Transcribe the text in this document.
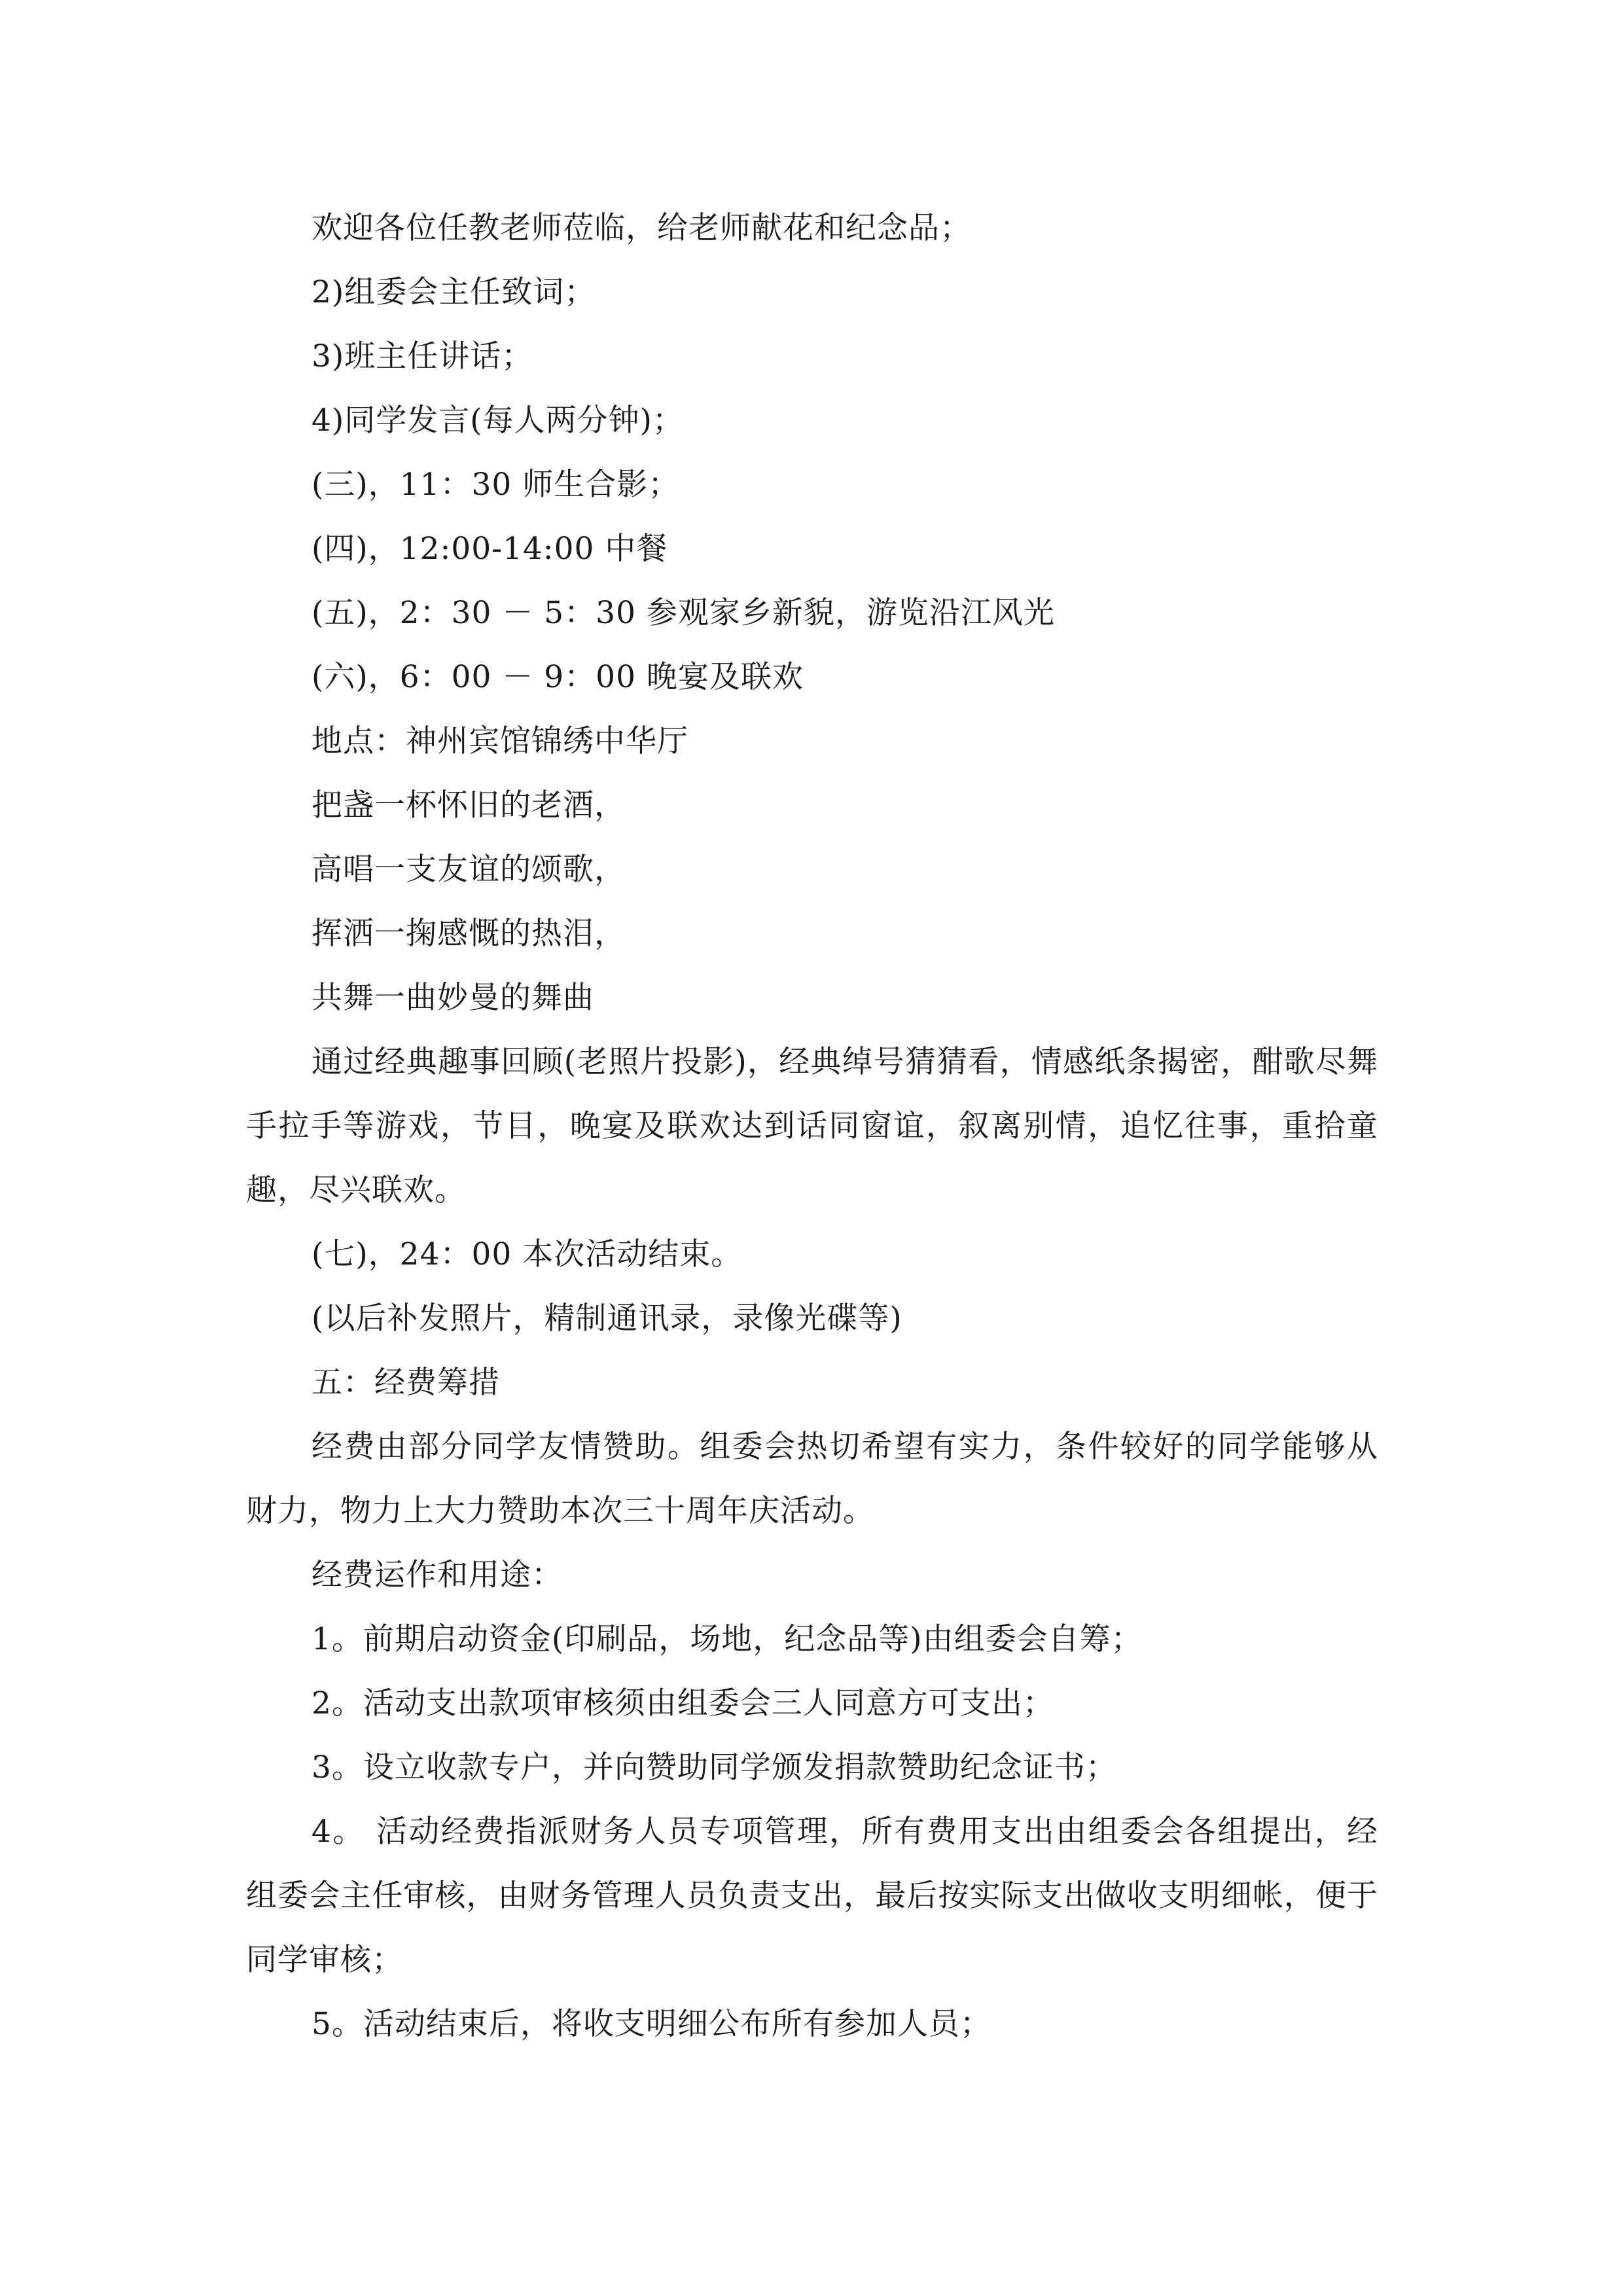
欢迎各位任教老师莅临，给老师献花和纪念品；

2)组委会主任致词；

3)班主任讲话；

4)同学发言(每人两分钟)；

(三)，11：30 师生合影；

(四)，12:00-14:00 中餐

(五)，2：30 － 5：30 参观家乡新貌，游览沿江风光

(六)，6：00 － 9：00 晚宴及联欢

地点：神州宾馆锦绣中华厅

把盏一杯怀旧的老酒，

高唱一支友谊的颂歌，

挥洒一掬感慨的热泪，

共舞一曲妙曼的舞曲

通过经典趣事回顾(老照片投影)，经典绰号猜猜看，情感纸条揭密，酣歌尽舞手拉手等游戏，节目，晚宴及联欢达到话同窗谊，叙离别情，追忆往事，重拾童趣，尽兴联欢。

(七)，24：00 本次活动结束。

(以后补发照片，精制通讯录，录像光碟等)

五：经费筹措

经费由部分同学友情赞助。组委会热切希望有实力，条件较好的同学能够从财力，物力上大力赞助本次三十周年庆活动。

经费运作和用途：

1。前期启动资金(印刷品，场地，纪念品等)由组委会自筹；

2。活动支出款项审核须由组委会三人同意方可支出；

3。设立收款专户，并向赞助同学颁发捐款赞助纪念证书；

4。 活动经费指派财务人员专项管理，所有费用支出由组委会各组提出，经组委会主任审核，由财务管理人员负责支出，最后按实际支出做收支明细帐，便于同学审核；

5。活动结束后，将收支明细公布所有参加人员；
